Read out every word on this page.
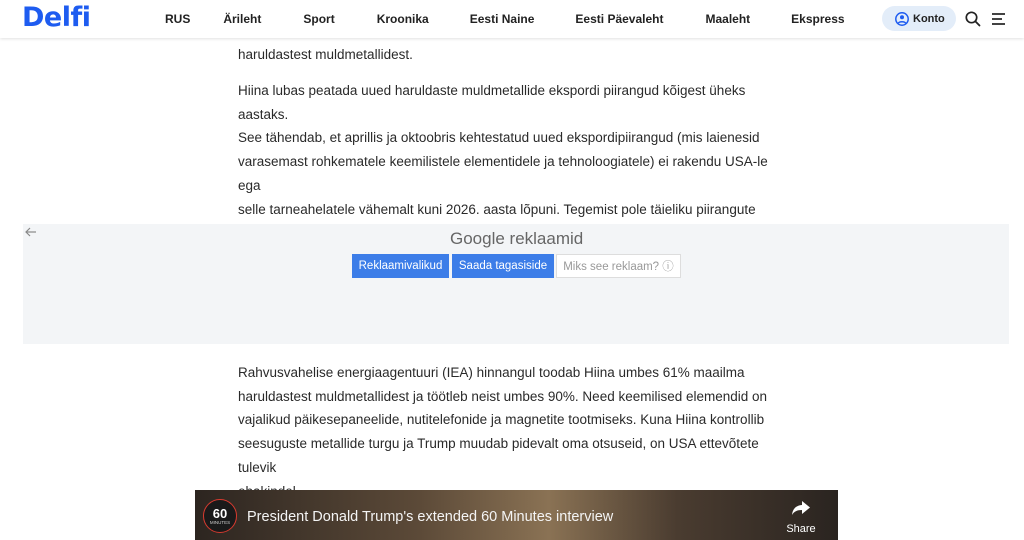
Delfi	RUS	Ärileht	Sport	Kroonika	Eesti Naine	Eesti Päevaleht	Maaleht	Ekspress	Konto
haruldastest muldmetallidest.
Hiina lubas peatada uued haruldaste muldmetallide ekspordi piirangud kõigest üheks aastaks.
See tähendab, et aprillis ja oktoobris kehtestatud uued ekspordipiirangud (mis laienesid
varasemast rohkematele keemilistele elementidele ja tehnoloogiatele) ei rakendu USA-le ega
selle tarneahelatele vähemalt kuni 2026. aasta lõpuni. Tegemist pole täieliku piirangute
Google reklaamid
Reklaamivalikud	Saada tagasiside	Miks see reklaam? ⓘ
Rahvusvahelise energiaagentuuri (IEA) hinnangul toodab Hiina umbes 61% maailma
haruldastest muldmetallidest ja töötleb neist umbes 90%. Need keemilised elemendid on
vajalikud päikesepaneelide, nutitelefonide ja magnetite tootmiseks. Kuna Hiina kontrollib
seesuguste metallide turgu ja Trump muudab pidevalt oma otsuseid, on USA ettevõtete tulevik
60
MINUTES President Donald Trump's extended 60 Minutes interview
Share
